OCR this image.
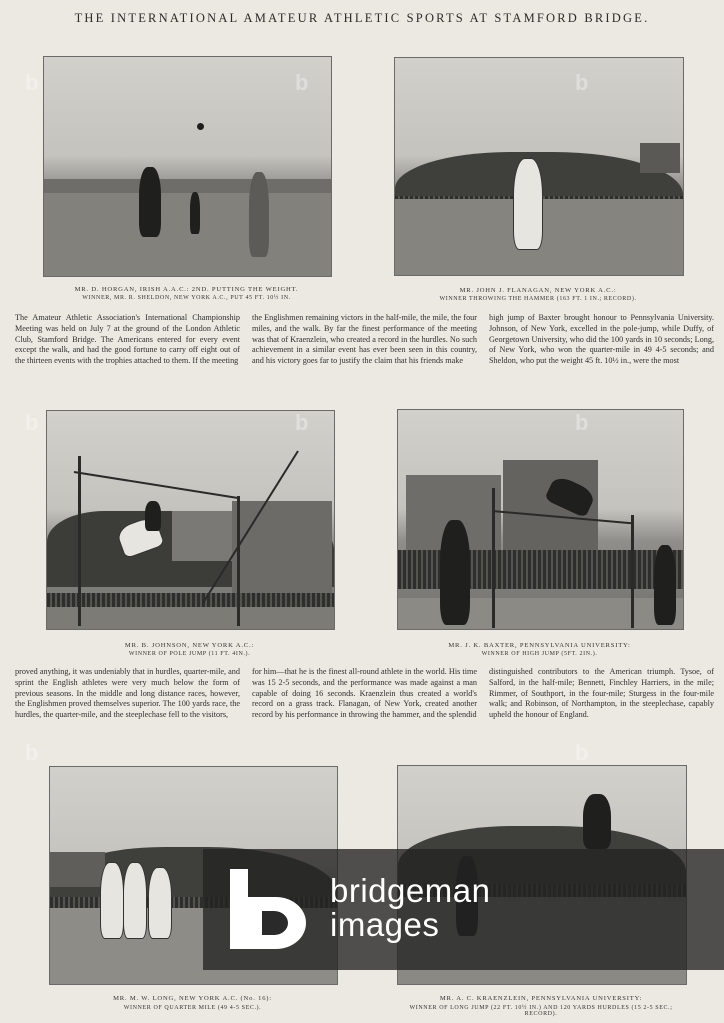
THE INTERNATIONAL AMATEUR ATHLETIC SPORTS AT STAMFORD BRIDGE.
MR. D. HORGAN, IRISH A.A.C.: 2ND. PUTTING THE WEIGHT.
WINNER, MR. R. SHELDON, NEW YORK A.C., PUT 45 FT. 10½ IN.
MR. JOHN J. FLANAGAN, NEW YORK A.C.:
WINNER THROWING THE HAMMER (163 FT. 1 IN.; RECORD).
The Amateur Athletic Association's International Championship Meeting was held on July 7 at the ground of the London Athletic Club, Stamford Bridge. The Americans entered for every event except the walk, and had the good fortune to carry off eight out of the thirteen events with the trophies attached to them. If the meeting
the Englishmen remaining victors in the half-mile, the mile, the four miles, and the walk. By far the finest performance of the meeting was that of Kraenzlein, who created a record in the hurdles. No such achievement in a similar event has ever been seen in this country, and his victory goes far to justify the claim that his friends make
high jump of Baxter brought honour to Pennsylvania University. Johnson, of New York, excelled in the pole-jump, while Duffy, of Georgetown University, who did the 100 yards in 10 seconds; Long, of New York, who won the quarter-mile in 49 4-5 seconds; and Sheldon, who put the weight 45 ft. 10½ in., were the most
MR. B. JOHNSON, NEW YORK A.C.:
WINNER OF POLE JUMP (11 FT. 4IN.).
MR. J. K. BAXTER, PENNSYLVANIA UNIVERSITY:
WINNER OF HIGH JUMP (5FT. 2IN.).
proved anything, it was undeniably that in hurdles, quarter-mile, and sprint the English athletes were very much below the form of previous seasons. In the middle and long distance races, however, the Englishmen proved themselves superior. The 100 yards race, the hurdles, the quarter-mile, and the steeplechase fell to the visitors,
for him—that he is the finest all-round athlete in the world. His time was 15 2-5 seconds, and the performance was made against a man capable of doing 16 seconds. Kraenzlein thus created a world's record on a grass track. Flanagan, of New York, created another record by his performance in throwing the hammer, and the splendid
distinguished contributors to the American triumph. Tysoe, of Salford, in the half-mile; Bennett, Finchley Harriers, in the mile; Rimmer, of Southport, in the four-mile; Sturgess in the four-mile walk; and Robinson, of Northampton, in the steeplechase, capably upheld the honour of England.
MR. M. W. LONG, NEW YORK A.C. (No. 16):
WINNER OF QUARTER MILE (49 4-5 SEC.).
MR. A. C. KRAENZLEIN, PENNSYLVANIA UNIVERSITY:
WINNER OF LONG JUMP (22 FT. 10½ IN.) AND 120 YARDS HURDLES (15 2-5 SEC.; RECORD).
b	b	b
b	b	b
b	b
bridgeman
images
